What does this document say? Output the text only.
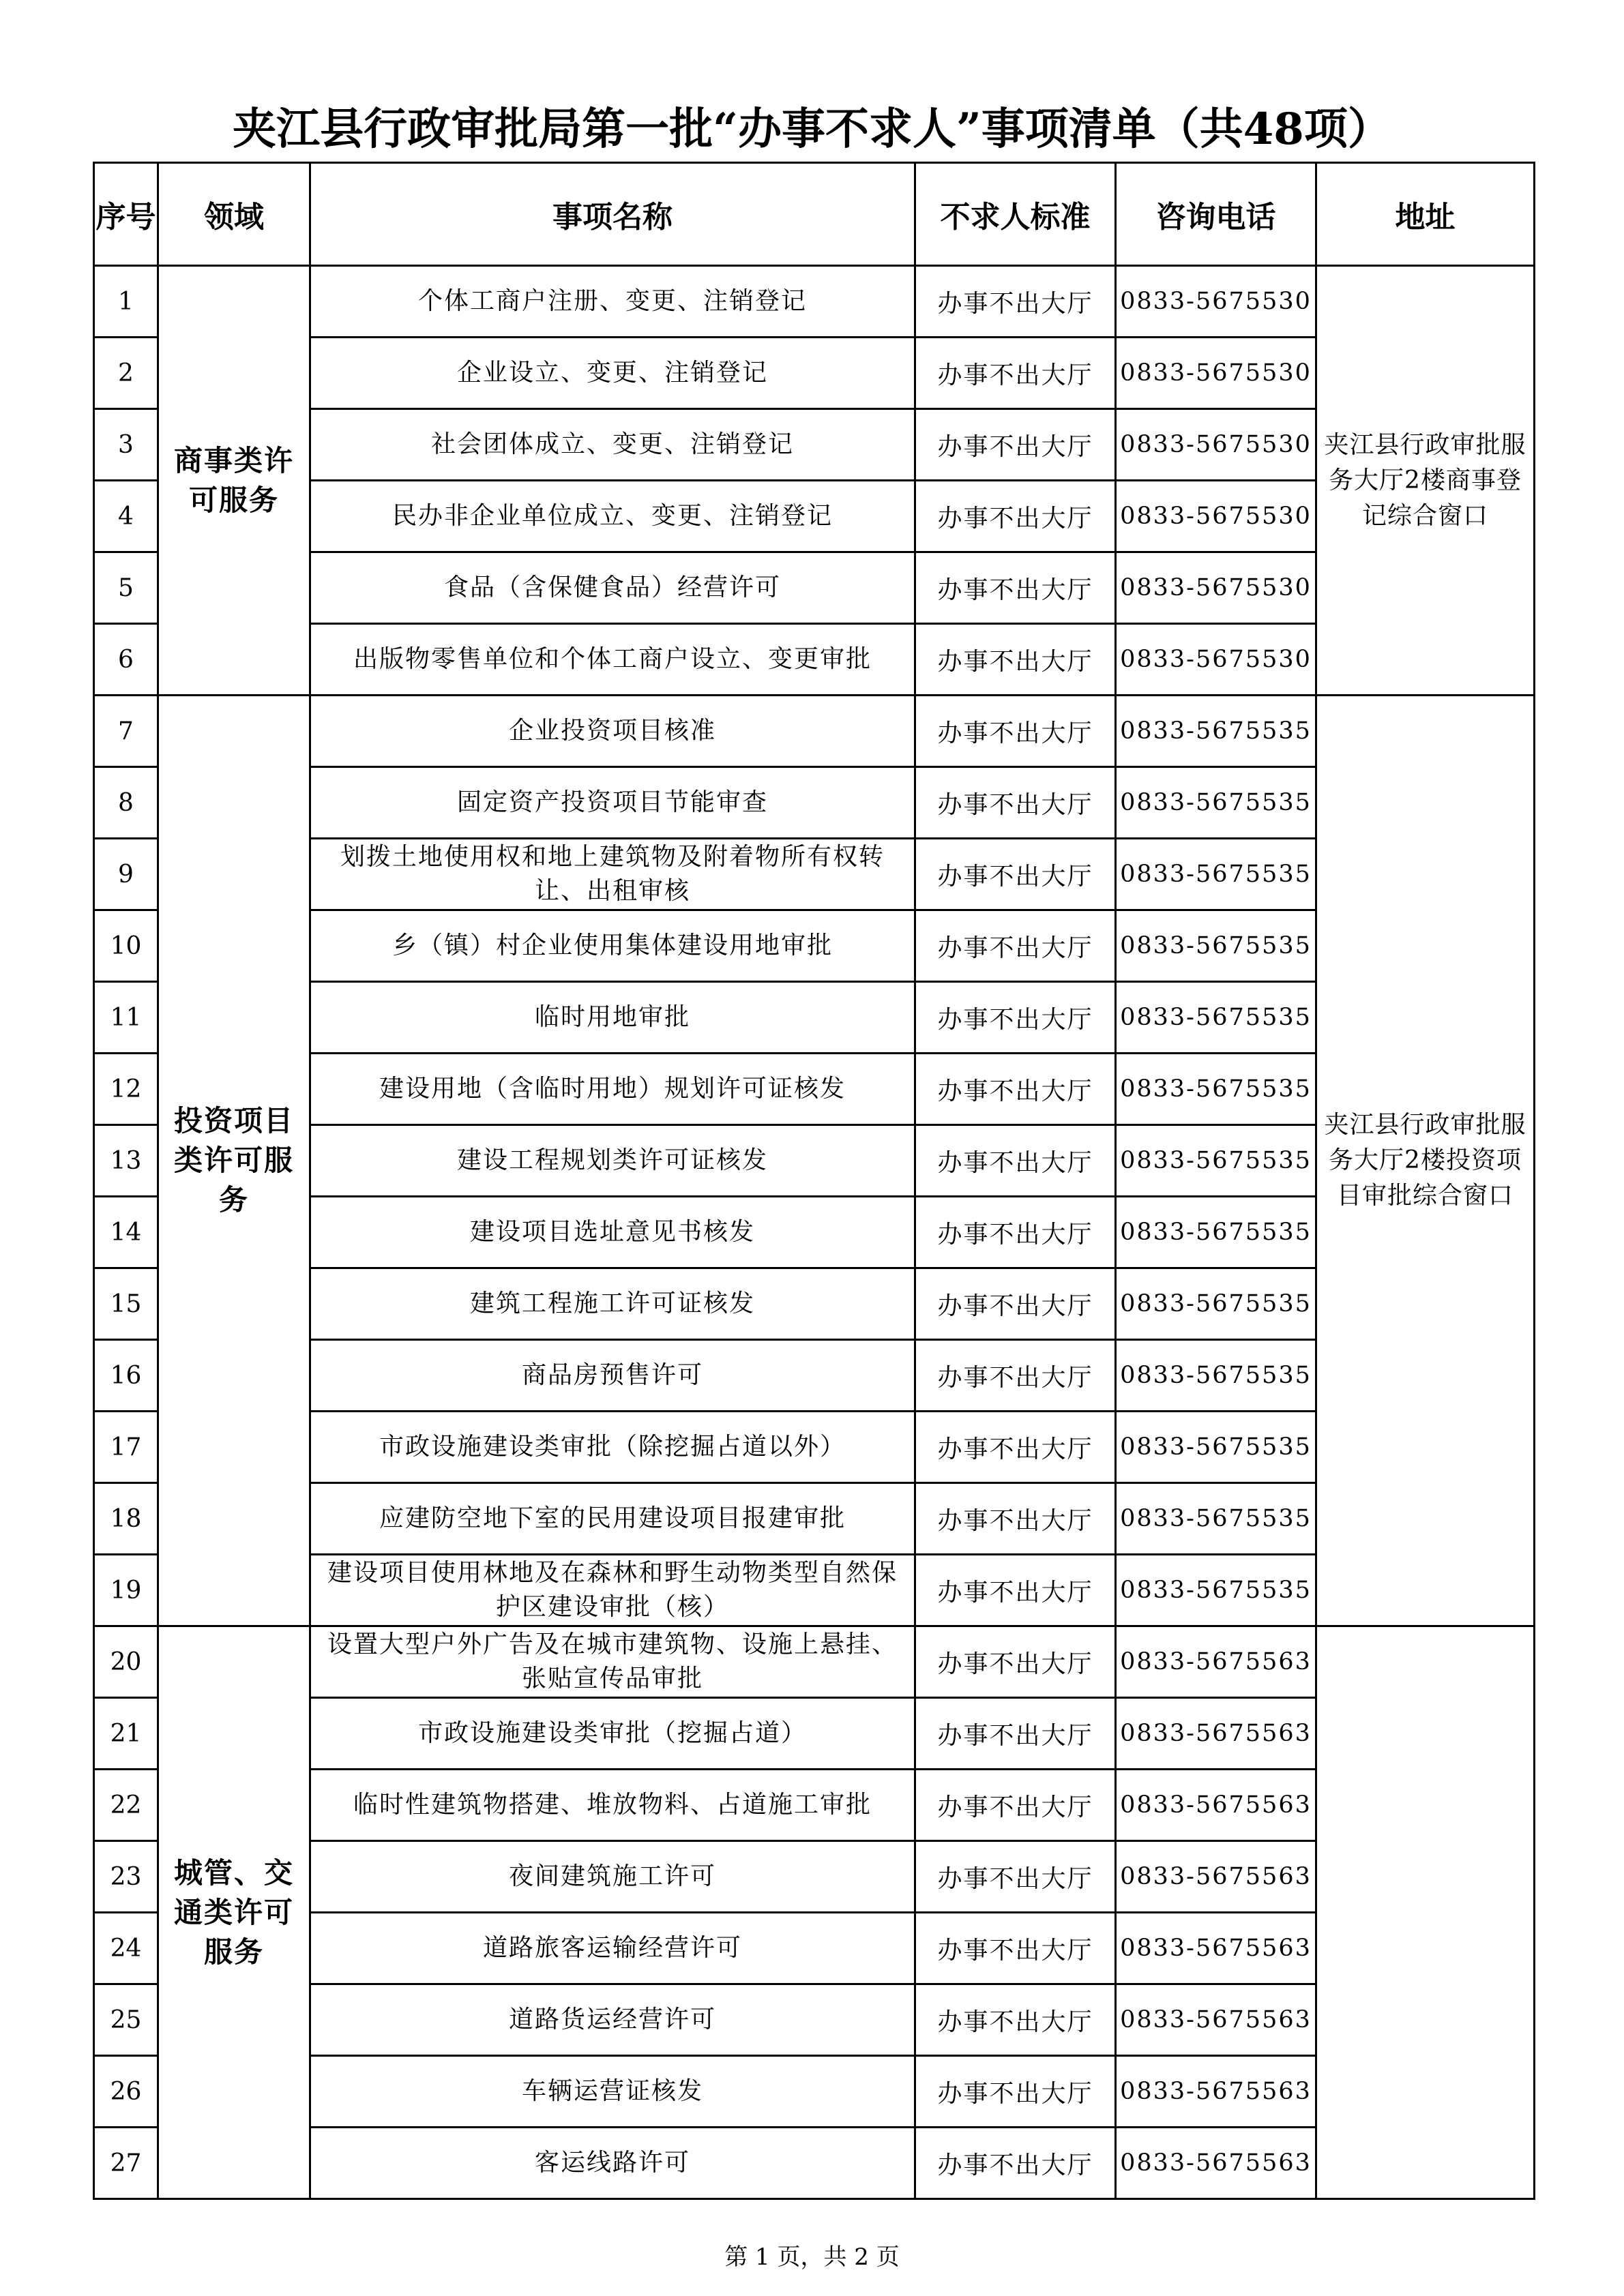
夹江县行政审批局第一批“办事不求人”事项清单（共48项）
序号	领域	事项名称	不求人标准	咨询电话	地址
1	商事类许可服务	个体工商户注册、变更、注销登记	办事不出大厅	0833-5675530	夹江县行政审批服务大厅2楼商事登记综合窗口
2		企业设立、变更、注销登记	办事不出大厅	0833-5675530	
3		社会团体成立、变更、注销登记	办事不出大厅	0833-5675530	
4		民办非企业单位成立、变更、注销登记	办事不出大厅	0833-5675530	
5		食品（含保健食品）经营许可	办事不出大厅	0833-5675530	
6		出版物零售单位和个体工商户设立、变更审批	办事不出大厅	0833-5675530	
7	投资项目类许可服务	企业投资项目核准	办事不出大厅	0833-5675535	夹江县行政审批服务大厅2楼投资项目审批综合窗口
8		固定资产投资项目节能审查	办事不出大厅	0833-5675535	
9		划拨土地使用权和地上建筑物及附着物所有权转让、出租审核	办事不出大厅	0833-5675535	
10		乡（镇）村企业使用集体建设用地审批	办事不出大厅	0833-5675535	
11		临时用地审批	办事不出大厅	0833-5675535	
12		建设用地（含临时用地）规划许可证核发	办事不出大厅	0833-5675535	
13		建设工程规划类许可证核发	办事不出大厅	0833-5675535	
14		建设项目选址意见书核发	办事不出大厅	0833-5675535	
15		建筑工程施工许可证核发	办事不出大厅	0833-5675535	
16		商品房预售许可	办事不出大厅	0833-5675535	
17		市政设施建设类审批（除挖掘占道以外）	办事不出大厅	0833-5675535	
18		应建防空地下室的民用建设项目报建审批	办事不出大厅	0833-5675535	
19		建设项目使用林地及在森林和野生动物类型自然保护区建设审批（核）	办事不出大厅	0833-5675535	
20	城管、交通类许可服务	设置大型户外广告及在城市建筑物、设施上悬挂、张贴宣传品审批	办事不出大厅	0833-5675563	
21		市政设施建设类审批（挖掘占道）	办事不出大厅	0833-5675563	
22		临时性建筑物搭建、堆放物料、占道施工审批	办事不出大厅	0833-5675563	
23		夜间建筑施工许可	办事不出大厅	0833-5675563	
24		道路旅客运输经营许可	办事不出大厅	0833-5675563	
25		道路货运经营许可	办事不出大厅	0833-5675563	
26		车辆运营证核发	办事不出大厅	0833-5675563	
27		客运线路许可	办事不出大厅	0833-5675563	
第 1 页，共 2 页
